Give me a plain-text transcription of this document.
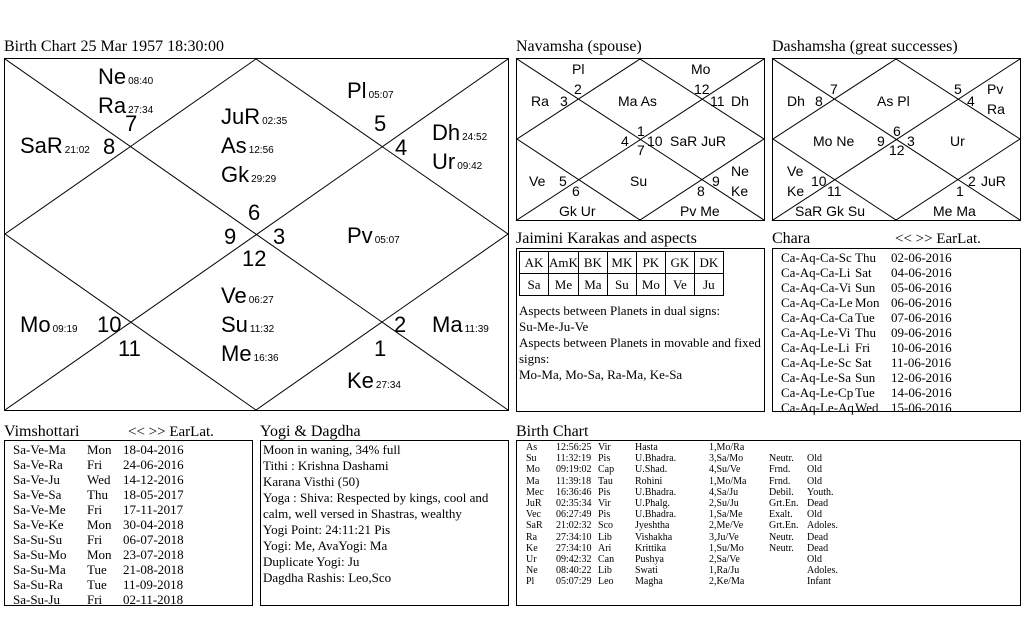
Birth Chart 25 Mar 1957 18:30:00
8
7
6
5
4
9 3
12
10	2
11	1
Ne 08:40
Ra 27:34
SaR 21:02
JuR 02:35
As 12:56
Gk 29:29
Pl 05:07
Dh 24:52
Ur 09:42
Pv 05:07
Ve 06:27
Su 11:32
Me 16:36
Mo 09:19	Ma 11:39
Ke 27:34
Navamsha (spouse)
Pl	Mo
Ra 3
2
Ma As
12
11 Dh
4
1
7
10 SaR JuR
Ve 5
6
Su
8
9
Ne
Ke
Gk Ur	Pv Me
Dashamsha (great successes)
Dh 8
7
As Pl
5
4
Pv
Ra
Mo Ne 9
6
12
3	Ur
Ve
Ke
10
11	1
2 JuR
SaR Gk Su	Me Ma
Jaimini Karakas and aspects
AK	AmK	BK	MK	PK	GK	DK
Sa	Me	Ma	Su	Mo	Ve	Ju
Aspects between Planets in dual signs:
Su-Me-Ju-Ve
Aspects between Planets in movable and fixed signs:
Mo-Ma, Mo-Sa, Ra-Ma, Ke-Sa
Chara	<< >> EarLat.
Ca-Aq-Ca-Sc Thu 02-06-2016
Ca-Aq-Ca-Li Sat 04-06-2016
Ca-Aq-Ca-Vi Sun 05-06-2016
Ca-Aq-Ca-Le Mon 06-06-2016
Ca-Aq-Ca-Ca Tue 07-06-2016
Ca-Aq-Le-Vi Thu 09-06-2016
Ca-Aq-Le-Li Fri 10-06-2016
Ca-Aq-Le-Sc Sat 11-06-2016
Ca-Aq-Le-Sa Sun 12-06-2016
Ca-Aq-Le-Cp Tue 14-06-2016
Ca-Aq-Le-AqWed 15-06-2016
Vimshottari	<< >> EarLat.
Sa-Ve-Ma Mon 18-04-2016
Sa-Ve-Ra Fri 24-06-2016
Sa-Ve-Ju Wed 14-12-2016
Sa-Ve-Sa Thu 18-05-2017
Sa-Ve-Me Fri 17-11-2017
Sa-Ve-Ke Mon 30-04-2018
Sa-Su-Su Fri 06-07-2018
Sa-Su-Mo Mon 23-07-2018
Sa-Su-Ma Tue 21-08-2018
Sa-Su-Ra Tue 11-09-2018
Sa-Su-Ju Fri 02-11-2018
Yogi & Dagdha
Moon in waning, 34% full
Tithi : Krishna Dashami
Karana Visthi (50)
Yoga : Shiva: Respected by kings, cool and calm, well versed in Shastras, wealthy
Yogi Point: 24:11:21 Pis
Yogi: Me, AvaYogi: Ma
Duplicate Yogi: Ju
Dagdha Rashis: Leo,Sco
Birth Chart
As 12:56:25 Vir Hasta	1,Mo/Ra
Su 11:32:19 Pis U.Bhadra.	3,Sa/Mo	Neutr. Old
Mo 09:19:02 Cap U.Shad.	4,Su/Ve	Frnd. Old
Ma 11:39:18 Tau Rohini	1,Mo/Ma Frnd. Old
Mec 16:36:46 Pis U.Bhadra.	4,Sa/Ju	Debil. Youth.
JuR 02:35:34 Vir U.Phalg.	2,Su/Ju	Grt.En. Dead
Vec 06:27:49 Pis U.Bhadra.	1,Sa/Me	Exalt. Old
SaR 21:02:32 Sco Jyeshtha	2,Me/Ve	Grt.En. Adoles.
Ra 27:34:10 Lib Vishakha	3,Ju/Ve	Neutr. Dead
Ke 27:34:10 Ari Krittika	1,Su/Mo	Neutr. Dead
Ur 09:42:32 Can Pushya	2,Sa/Ve	Old
Ne 08:40:22 Lib Swati	1,Ra/Ju	Adoles.
Pl 05:07:29 Leo Magha	2,Ke/Ma	Infant
